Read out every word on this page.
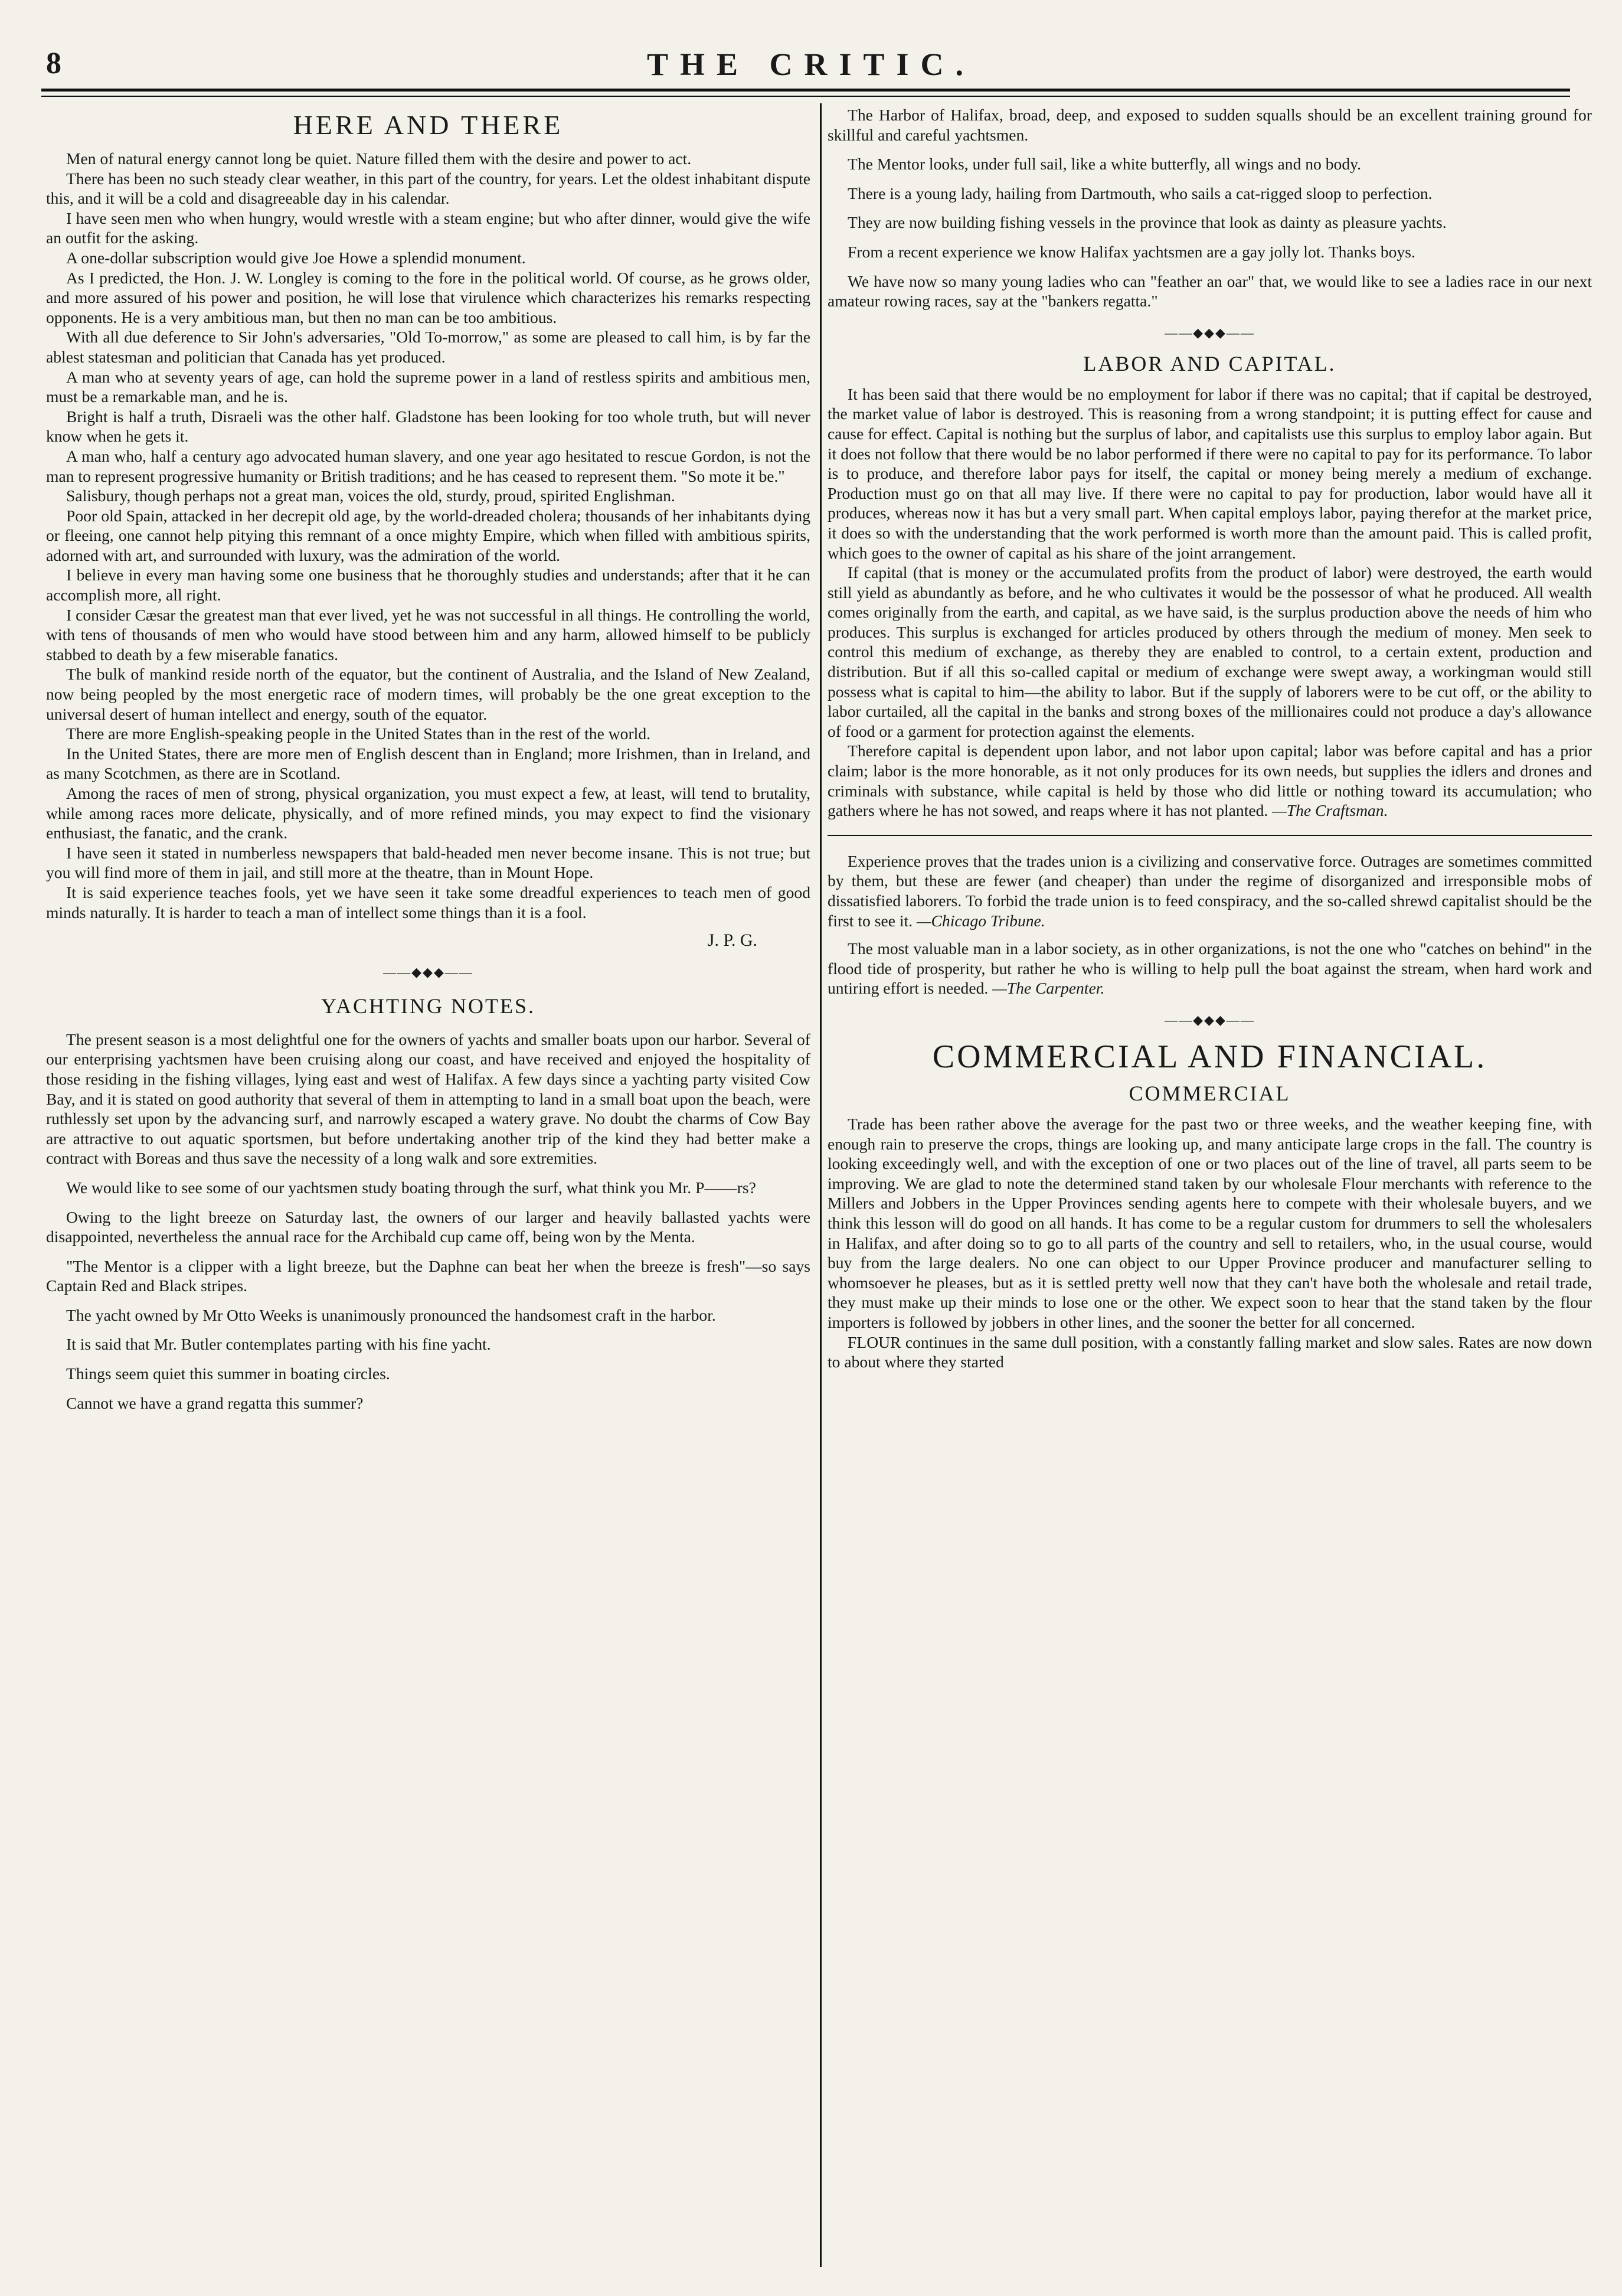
8	THE CRITIC.
HERE AND THERE

Men of natural energy cannot long be quiet. Nature filled them with the desire and power to act.

There has been no such steady clear weather, in this part of the country, for years. Let the oldest inhabitant dispute this, and it will be a cold and disagreeable day in his calendar.

I have seen men who when hungry, would wrestle with a steam engine; but who after dinner, would give the wife an outfit for the asking.

A one-dollar subscription would give Joe Howe a splendid monument.

As I predicted, the Hon. J. W. Longley is coming to the fore in the political world. Of course, as he grows older, and more assured of his power and position, he will lose that virulence which characterizes his remarks respecting opponents. He is a very ambitious man, but then no man can be too ambitious.

With all due deference to Sir John's adversaries, "Old To-morrow," as some are pleased to call him, is by far the ablest statesman and politician that Canada has yet produced.

A man who at seventy years of age, can hold the supreme power in a land of restless spirits and ambitious men, must be a remarkable man, and he is.

Bright is half a truth, Disraeli was the other half. Gladstone has been looking for too whole truth, but will never know when he gets it.

A man who, half a century ago advocated human slavery, and one year ago hesitated to rescue Gordon, is not the man to represent progressive humanity or British traditions; and he has ceased to represent them. "So mote it be."

Salisbury, though perhaps not a great man, voices the old, sturdy, proud, spirited Englishman.

Poor old Spain, attacked in her decrepit old age, by the world-dreaded cholera; thousands of her inhabitants dying or fleeing, one cannot help pitying this remnant of a once mighty Empire, which when filled with ambitious spirits, adorned with art, and surrounded with luxury, was the admiration of the world.

I believe in every man having some one business that he thoroughly studies and understands; after that it he can accomplish more, all right.

I consider Cæsar the greatest man that ever lived, yet he was not successful in all things. He controlling the world, with tens of thousands of men who would have stood between him and any harm, allowed himself to be publicly stabbed to death by a few miserable fanatics.

The bulk of mankind reside north of the equator, but the continent of Australia, and the Island of New Zealand, now being peopled by the most energetic race of modern times, will probably be the one great exception to the universal desert of human intellect and energy, south of the equator.

There are more English-speaking people in the United States than in the rest of the world.

In the United States, there are more men of English descent than in England; more Irishmen, than in Ireland, and as many Scotchmen, as there are in Scotland.

Among the races of men of strong, physical organization, you must expect a few, at least, will tend to brutality, while among races more delicate, physically, and of more refined minds, you may expect to find the visionary enthusiast, the fanatic, and the crank.

I have seen it stated in numberless newspapers that bald-headed men never become insane. This is not true; but you will find more of them in jail, and still more at the theatre, than in Mount Hope.

It is said experience teaches fools, yet we have seen it take some dreadful experiences to teach men of good minds naturally. It is harder to teach a man of intellect some things than it is a fool.

J. P. G.
——◆◆◆——
YACHTING NOTES.

The present season is a most delightful one for the owners of yachts and smaller boats upon our harbor. Several of our enterprising yachtsmen have been cruising along our coast, and have received and enjoyed the hospitality of those residing in the fishing villages, lying east and west of Halifax. A few days since a yachting party visited Cow Bay, and it is stated on good authority that several of them in attempting to land in a small boat upon the beach, were ruthlessly set upon by the advancing surf, and narrowly escaped a watery grave. No doubt the charms of Cow Bay are attractive to out aquatic sportsmen, but before undertaking another trip of the kind they had better make a contract with Boreas and thus save the necessity of a long walk and sore extremities.

We would like to see some of our yachtsmen study boating through the surf, what think you Mr. P——rs?

Owing to the light breeze on Saturday last, the owners of our larger and heavily ballasted yachts were disappointed, nevertheless the annual race for the Archibald cup came off, being won by the Menta.

"The Mentor is a clipper with a light breeze, but the Daphne can beat her when the breeze is fresh"—so says Captain Red and Black stripes.

The yacht owned by Mr Otto Weeks is unanimously pronounced the handsomest craft in the harbor.

It is said that Mr. Butler contemplates parting with his fine yacht.

Things seem quiet this summer in boating circles.

Cannot we have a grand regatta this summer?

The Harbor of Halifax, broad, deep, and exposed to sudden squalls should be an excellent training ground for skillful and careful yachtsmen.

The Mentor looks, under full sail, like a white butterfly, all wings and no body.

There is a young lady, hailing from Dartmouth, who sails a cat-rigged sloop to perfection.

They are now building fishing vessels in the province that look as dainty as pleasure yachts.

From a recent experience we know Halifax yachtsmen are a gay jolly lot. Thanks boys.

We have now so many young ladies who can "feather an oar" that, we would like to see a ladies race in our next amateur rowing races, say at the "bankers regatta."

——◆◆◆——
LABOR AND CAPITAL.

It has been said that there would be no employment for labor if there was no capital; that if capital be destroyed, the market value of labor is destroyed. This is reasoning from a wrong standpoint; it is putting effect for cause and cause for effect. Capital is nothing but the surplus of labor, and capitalists use this surplus to employ labor again. But it does not follow that there would be no labor performed if there were no capital to pay for its performance. To labor is to produce, and therefore labor pays for itself, the capital or money being merely a medium of exchange. Production must go on that all may live. If there were no capital to pay for production, labor would have all it produces, whereas now it has but a very small part. When capital employs labor, paying therefor at the market price, it does so with the understanding that the work performed is worth more than the amount paid. This is called profit, which goes to the owner of capital as his share of the joint arrangement.

If capital (that is money or the accumulated profits from the product of labor) were destroyed, the earth would still yield as abundantly as before, and he who cultivates it would be the possessor of what he produced. All wealth comes originally from the earth, and capital, as we have said, is the surplus production above the needs of him who produces. This surplus is exchanged for articles produced by others through the medium of money. Men seek to control this medium of exchange, as thereby they are enabled to control, to a certain extent, production and distribution. But if all this so-called capital or medium of exchange were swept away, a workingman would still possess what is capital to him—the ability to labor. But if the supply of laborers were to be cut off, or the ability to labor curtailed, all the capital in the banks and strong boxes of the millionaires could not produce a day's allowance of food or a garment for protection against the elements.

Therefore capital is dependent upon labor, and not labor upon capital; labor was before capital and has a prior claim; labor is the more honorable, as it not only produces for its own needs, but supplies the idlers and drones and criminals with substance, while capital is held by those who did little or nothing toward its accumulation; who gathers where he has not sowed, and reaps where it has not planted. —The Craftsman.

Experience proves that the trades union is a civilizing and conservative force. Outrages are sometimes committed by them, but these are fewer (and cheaper) than under the regime of disorganized and irresponsible mobs of dissatisfied laborers. To forbid the trade union is to feed conspiracy, and the so-called shrewd capitalist should be the first to see it. —Chicago Tribune.

The most valuable man in a labor society, as in other organizations, is not the one who "catches on behind" in the flood tide of prosperity, but rather he who is willing to help pull the boat against the stream, when hard work and untiring effort is needed. —The Carpenter.

——◆◆◆——
COMMERCIAL AND FINANCIAL.
COMMERCIAL

Trade has been rather above the average for the past two or three weeks, and the weather keeping fine, with enough rain to preserve the crops, things are looking up, and many anticipate large crops in the fall. The country is looking exceedingly well, and with the exception of one or two places out of the line of travel, all parts seem to be improving. We are glad to note the determined stand taken by our wholesale Flour merchants with reference to the Millers and Jobbers in the Upper Provinces sending agents here to compete with their wholesale buyers, and we think this lesson will do good on all hands. It has come to be a regular custom for drummers to sell the wholesalers in Halifax, and after doing so to go to all parts of the country and sell to retailers, who, in the usual course, would buy from the large dealers. No one can object to our Upper Province producer and manufacturer selling to whomsoever he pleases, but as it is settled pretty well now that they can't have both the wholesale and retail trade, they must make up their minds to lose one or the other. We expect soon to hear that the stand taken by the flour importers is followed by jobbers in other lines, and the sooner the better for all concerned.

FLOUR continues in the same dull position, with a constantly falling market and slow sales. Rates are now down to about where they started
